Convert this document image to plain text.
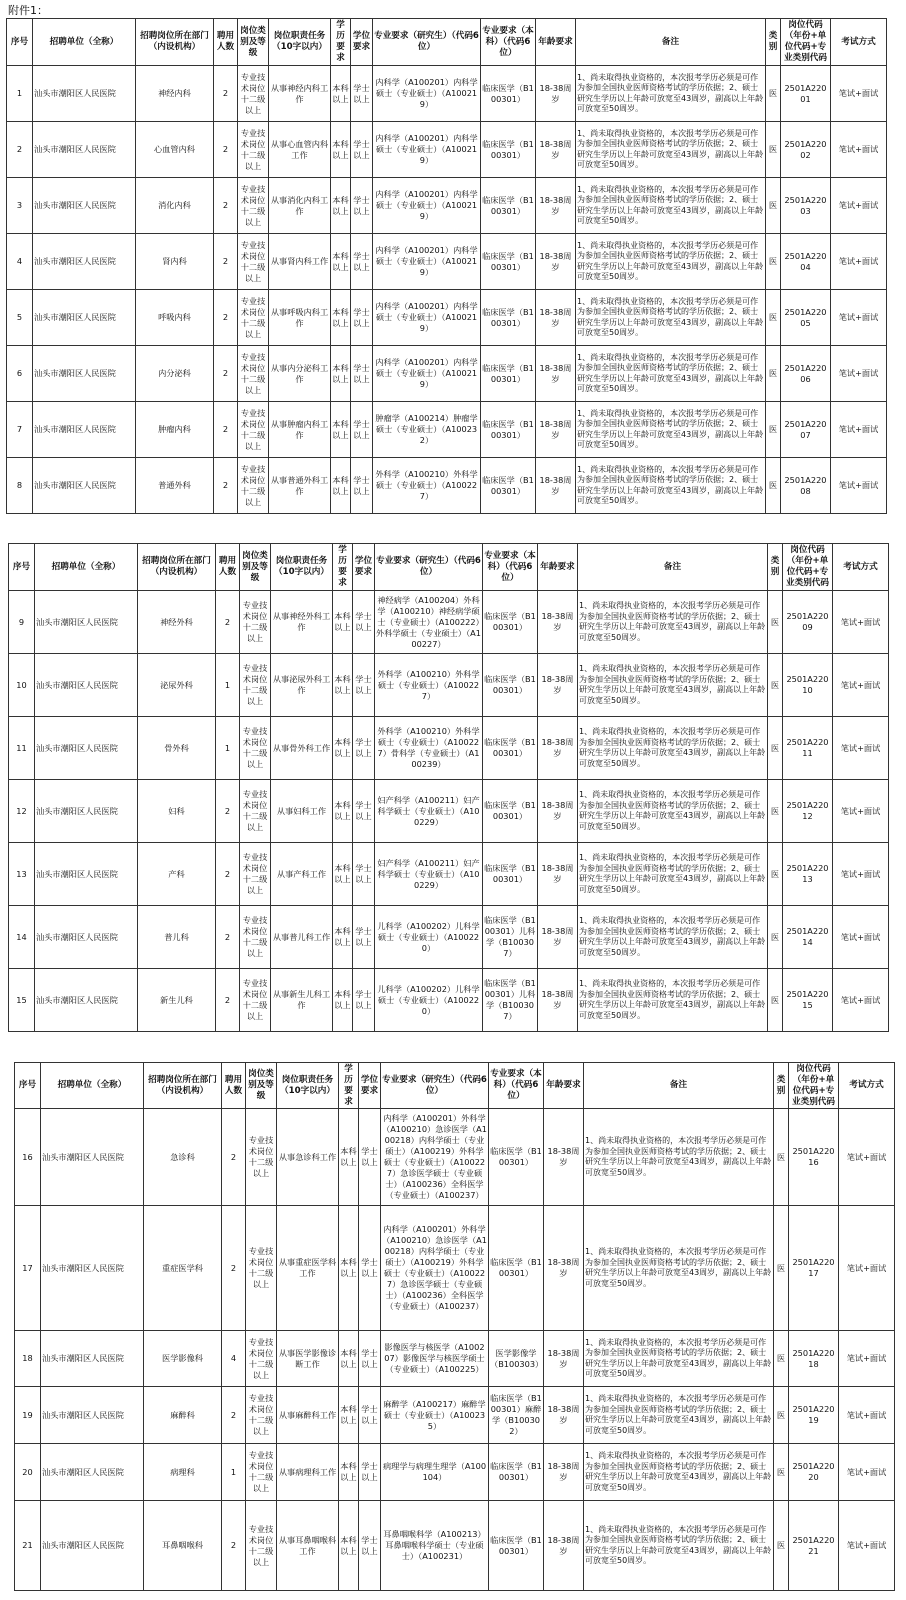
附件1：
序号	招聘单位（全称）	招聘岗位所在部门（内设机构）	聘用人数	岗位类别及等级	岗位职责任务（10字以内）	学历要求	学位要求	专业要求（研究生）（代码6位）	专业要求（本科）（代码6位）	年龄要求	备注	类别	岗位代码（年份+单位代码+专业类别代码	考试方式
1	汕头市潮阳区人民医院	神经内科	2	专业技术岗位十二级以上	从事神经内科工作	本科以上	学士以上	内科学（A100201）内科学硕士（专业硕士）（A100219）	临床医学（B100301）	18-38周岁	1、尚未取得执业资格的，本次报考学历必须是可作为参加全国执业医师资格考试的学历依据；2、硕士研究生学历以上年龄可放宽至43周岁，副高以上年龄可放宽至50周岁。	医	2501A22001	笔试+面试
2	汕头市潮阳区人民医院	心血管内科	2	专业技术岗位十二级以上	从事心血管内科工作	本科以上	学士以上	内科学（A100201）内科学硕士（专业硕士）（A100219）	临床医学（B100301）	18-38周岁	1、尚未取得执业资格的，本次报考学历必须是可作为参加全国执业医师资格考试的学历依据；2、硕士研究生学历以上年龄可放宽至43周岁，副高以上年龄可放宽至50周岁。	医	2501A22002	笔试+面试
3	汕头市潮阳区人民医院	消化内科	2	专业技术岗位十二级以上	从事消化内科工作	本科以上	学士以上	内科学（A100201）内科学硕士（专业硕士）（A100219）	临床医学（B100301）	18-38周岁	1、尚未取得执业资格的，本次报考学历必须是可作为参加全国执业医师资格考试的学历依据；2、硕士研究生学历以上年龄可放宽至43周岁，副高以上年龄可放宽至50周岁。	医	2501A22003	笔试+面试
4	汕头市潮阳区人民医院	肾内科	2	专业技术岗位十二级以上	从事肾内科工作	本科以上	学士以上	内科学（A100201）内科学硕士（专业硕士）（A100219）	临床医学（B100301）	18-38周岁	1、尚未取得执业资格的，本次报考学历必须是可作为参加全国执业医师资格考试的学历依据；2、硕士研究生学历以上年龄可放宽至43周岁，副高以上年龄可放宽至50周岁。	医	2501A22004	笔试+面试
5	汕头市潮阳区人民医院	呼吸内科	2	专业技术岗位十二级以上	从事呼吸内科工作	本科以上	学士以上	内科学（A100201）内科学硕士（专业硕士）（A100219）	临床医学（B100301）	18-38周岁	1、尚未取得执业资格的，本次报考学历必须是可作为参加全国执业医师资格考试的学历依据；2、硕士研究生学历以上年龄可放宽至43周岁，副高以上年龄可放宽至50周岁。	医	2501A22005	笔试+面试
6	汕头市潮阳区人民医院	内分泌科	2	专业技术岗位十二级以上	从事内分泌科工作	本科以上	学士以上	内科学（A100201）内科学硕士（专业硕士）（A100219）	临床医学（B100301）	18-38周岁	1、尚未取得执业资格的，本次报考学历必须是可作为参加全国执业医师资格考试的学历依据；2、硕士研究生学历以上年龄可放宽至43周岁，副高以上年龄可放宽至50周岁。	医	2501A22006	笔试+面试
7	汕头市潮阳区人民医院	肿瘤内科	2	专业技术岗位十二级以上	从事肿瘤内科工作	本科以上	学士以上	肿瘤学（A100214）肿瘤学硕士（专业硕士）（A100232）	临床医学（B100301）	18-38周岁	1、尚未取得执业资格的，本次报考学历必须是可作为参加全国执业医师资格考试的学历依据；2、硕士研究生学历以上年龄可放宽至43周岁，副高以上年龄可放宽至50周岁。	医	2501A22007	笔试+面试
8	汕头市潮阳区人民医院	普通外科	2	专业技术岗位十二级以上	从事普通外科工作	本科以上	学士以上	外科学（A100210）外科学硕士（专业硕士）（A100227）	临床医学（B100301）	18-38周岁	1、尚未取得执业资格的，本次报考学历必须是可作为参加全国执业医师资格考试的学历依据；2、硕士研究生学历以上年龄可放宽至43周岁，副高以上年龄可放宽至50周岁。	医	2501A22008	笔试+面试
序号	招聘单位（全称）	招聘岗位所在部门（内设机构）	聘用人数	岗位类别及等级	岗位职责任务（10字以内）	学历要求	学位要求	专业要求（研究生）（代码6位）	专业要求（本科）（代码6位）	年龄要求	备注	类别	岗位代码（年份+单位代码+专业类别代码	考试方式
9	汕头市潮阳区人民医院	神经外科	2	专业技术岗位十二级以上	从事神经外科工作	本科以上	学士以上	神经病学（A100204）外科学（A100210）神经病学硕士（专业硕士）（A100222）外科学硕士（专业硕士）（A100227）	临床医学（B100301）	18-38周岁	1、尚未取得执业资格的，本次报考学历必须是可作为参加全国执业医师资格考试的学历依据；2、硕士研究生学历以上年龄可放宽至43周岁，副高以上年龄可放宽至50周岁。	医	2501A22009	笔试+面试
10	汕头市潮阳区人民医院	泌尿外科	1	专业技术岗位十二级以上	从事泌尿外科工作	本科以上	学士以上	外科学（A100210）外科学硕士（专业硕士）（A100227）	临床医学（B100301）	18-38周岁	1、尚未取得执业资格的，本次报考学历必须是可作为参加全国执业医师资格考试的学历依据；2、硕士研究生学历以上年龄可放宽至43周岁，副高以上年龄可放宽至50周岁。	医	2501A22010	笔试+面试
11	汕头市潮阳区人民医院	骨外科	1	专业技术岗位十二级以上	从事骨外科工作	本科以上	学士以上	外科学（A100210）外科学硕士（专业硕士）（A100227）骨科学（专业硕士）（A100239）	临床医学（B100301）	18-38周岁	1、尚未取得执业资格的，本次报考学历必须是可作为参加全国执业医师资格考试的学历依据；2、硕士研究生学历以上年龄可放宽至43周岁，副高以上年龄可放宽至50周岁。	医	2501A22011	笔试+面试
12	汕头市潮阳区人民医院	妇科	2	专业技术岗位十二级以上	从事妇科工作	本科以上	学士以上	妇产科学（A100211）妇产科学硕士（专业硕士）（A100229）	临床医学（B100301）	18-38周岁	1、尚未取得执业资格的，本次报考学历必须是可作为参加全国执业医师资格考试的学历依据；2、硕士研究生学历以上年龄可放宽至43周岁，副高以上年龄可放宽至50周岁。	医	2501A22012	笔试+面试
13	汕头市潮阳区人民医院	产科	2	专业技术岗位十二级以上	从事产科工作	本科以上	学士以上	妇产科学（A100211）妇产科学硕士（专业硕士）（A100229）	临床医学（B100301）	18-38周岁	1、尚未取得执业资格的，本次报考学历必须是可作为参加全国执业医师资格考试的学历依据；2、硕士研究生学历以上年龄可放宽至43周岁，副高以上年龄可放宽至50周岁。	医	2501A22013	笔试+面试
14	汕头市潮阳区人民医院	普儿科	2	专业技术岗位十二级以上	从事普儿科工作	本科以上	学士以上	儿科学（A100202）儿科学硕士（专业硕士）（A100220）	临床医学（B100301）儿科学（B100307）	18-38周岁	1、尚未取得执业资格的，本次报考学历必须是可作为参加全国执业医师资格考试的学历依据；2、硕士研究生学历以上年龄可放宽至43周岁，副高以上年龄可放宽至50周岁。	医	2501A22014	笔试+面试
15	汕头市潮阳区人民医院	新生儿科	2	专业技术岗位十二级以上	从事新生儿科工作	本科以上	学士以上	儿科学（A100202）儿科学硕士（专业硕士）（A100220）	临床医学（B100301）儿科学（B100307）	18-38周岁	1、尚未取得执业资格的，本次报考学历必须是可作为参加全国执业医师资格考试的学历依据；2、硕士研究生学历以上年龄可放宽至43周岁，副高以上年龄可放宽至50周岁。	医	2501A22015	笔试+面试
序号	招聘单位（全称）	招聘岗位所在部门（内设机构）	聘用人数	岗位类别及等级	岗位职责任务（10字以内）	学历要求	学位要求	专业要求（研究生）（代码6位）	专业要求（本科）（代码6位）	年龄要求	备注	类别	岗位代码（年份+单位代码+专业类别代码	考试方式
16	汕头市潮阳区人民医院	急诊科	2	专业技术岗位十二级以上	从事急诊科工作	本科以上	学士以上	内科学（A100201）外科学（A100210）急诊医学（A100218）内科学硕士（专业硕士）（A100219）外科学硕士（专业硕士）（A100227）急诊医学硕士（专业硕士）（A100236）全科医学（专业硕士）（A100237）	临床医学（B100301）	18-38周岁	1、尚未取得执业资格的，本次报考学历必须是可作为参加全国执业医师资格考试的学历依据；2、硕士研究生学历以上年龄可放宽至43周岁，副高以上年龄可放宽至50周岁。	医	2501A22016	笔试+面试
17	汕头市潮阳区人民医院	重症医学科	2	专业技术岗位十二级以上	从事重症医学科工作	本科以上	学士以上	内科学（A100201）外科学（A100210）急诊医学（A100218）内科学硕士（专业硕士）（A100219）外科学硕士（专业硕士）（A100227）急诊医学硕士（专业硕士）（A100236）全科医学（专业硕士）（A100237）	临床医学（B100301）	18-38周岁	1、尚未取得执业资格的，本次报考学历必须是可作为参加全国执业医师资格考试的学历依据；2、硕士研究生学历以上年龄可放宽至43周岁，副高以上年龄可放宽至50周岁。	医	2501A22017	笔试+面试
18	汕头市潮阳区人民医院	医学影像科	4	专业技术岗位十二级以上	从事医学影像诊断工作	本科以上	学士以上	影像医学与核医学（A100207）影像医学与核医学硕士（专业硕士）（A100225）	医学影像学（B100303）	18-38周岁	1、尚未取得执业资格的，本次报考学历必须是可作为参加全国执业医师资格考试的学历依据；2、硕士研究生学历以上年龄可放宽至43周岁，副高以上年龄可放宽至50周岁。	医	2501A22018	笔试+面试
19	汕头市潮阳区人民医院	麻醉科	2	专业技术岗位十二级以上	从事麻醉科工作	本科以上	学士以上	麻醉学（A100217）麻醉学硕士（专业硕士）（A100235）	临床医学（B100301）麻醉学（B100302）	18-38周岁	1、尚未取得执业资格的，本次报考学历必须是可作为参加全国执业医师资格考试的学历依据；2、硕士研究生学历以上年龄可放宽至43周岁，副高以上年龄可放宽至50周岁。	医	2501A22019	笔试+面试
20	汕头市潮阳区人民医院	病理科	1	专业技术岗位十二级以上	从事病理科工作	本科以上	学士以上	病理学与病理生理学（A100104）	临床医学（B100301）	18-38周岁	1、尚未取得执业资格的，本次报考学历必须是可作为参加全国执业医师资格考试的学历依据；2、硕士研究生学历以上年龄可放宽至43周岁，副高以上年龄可放宽至50周岁。	医	2501A22020	笔试+面试
21	汕头市潮阳区人民医院	耳鼻咽喉科	2	专业技术岗位十二级以上	从事耳鼻咽喉科工作	本科以上	学士以上	耳鼻咽喉科学（A100213）耳鼻咽喉科学硕士（专业硕士）（A100231）	临床医学（B100301）	18-38周岁	1、尚未取得执业资格的，本次报考学历必须是可作为参加全国执业医师资格考试的学历依据；2、硕士研究生学历以上年龄可放宽至43周岁，副高以上年龄可放宽至50周岁。	医	2501A22021	笔试+面试
